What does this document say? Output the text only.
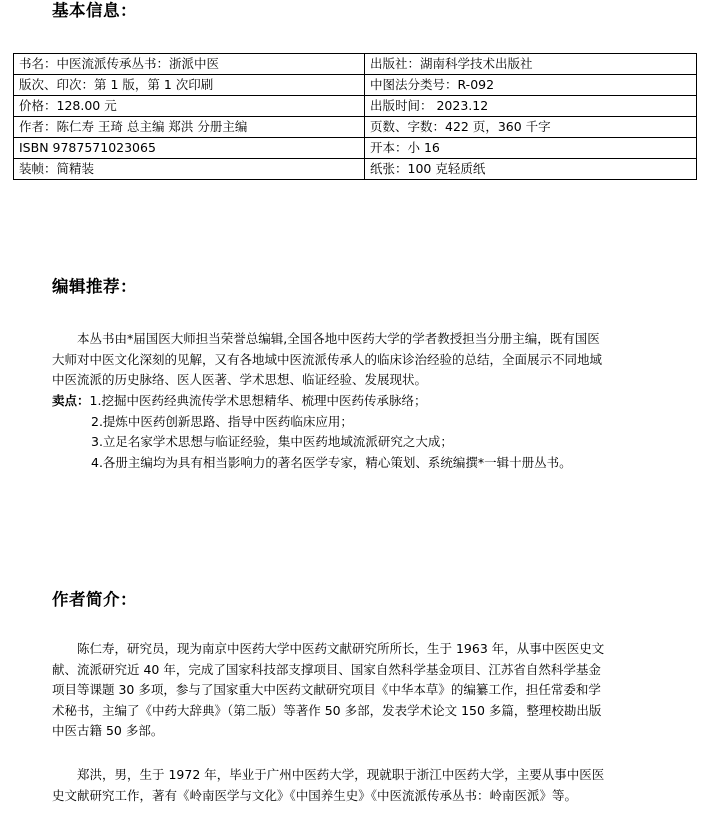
基本信息：
书名：中医流派传承丛书：浙派中医	出版社：湖南科学技术出版社
版次、印次：第 1 版，第 1 次印刷	中图法分类号：R-092
价格：128.00 元	出版时间： 2023.12
作者：陈仁寿 王琦 总主编 郑洪 分册主编	页数、字数：422 页，360 千字
ISBN 9787571023065	开本：小 16
装帧：简精装	纸张：100 克轻质纸
编辑推荐：

本丛书由*届国医大师担当荣誉总编辑,全国各地中医药大学的学者教授担当分册主编，既有国医大师对中医文化深刻的见解，又有各地域中医流派传承人的临床诊治经验的总结，全面展示不同地域中医流派的历史脉络、医人医著、学术思想、临证经验、发展现状。

卖点：1.挖掘中医药经典流传学术思想精华、梳理中医药传承脉络；
2.提炼中医药创新思路、指导中医药临床应用；
3.立足名家学术思想与临证经验，集中医药地域流派研究之大成；
4.各册主编均为具有相当影响力的著名医学专家，精心策划、系统编撰*一辑十册丛书。
作者简介：

陈仁寿，研究员，现为南京中医药大学中医药文献研究所所长，生于 1963 年，从事中医医史文献、流派研究近 40 年，完成了国家科技部支撑项目、国家自然科学基金项目、江苏省自然科学基金项目等课题 30 多项，参与了国家重大中医药文献研究项目《中华本草》的编纂工作，担任常委和学术秘书，主编了《中药大辞典》（第二版）等著作 50 多部，发表学术论文 150 多篇，整理校勘出版中医古籍 50 多部。

郑洪，男，生于 1972 年，毕业于广州中医药大学，现就职于浙江中医药大学，主要从事中医医史文献研究工作，著有《岭南医学与文化》《中国养生史》《中医流派传承丛书：岭南医派》等。
